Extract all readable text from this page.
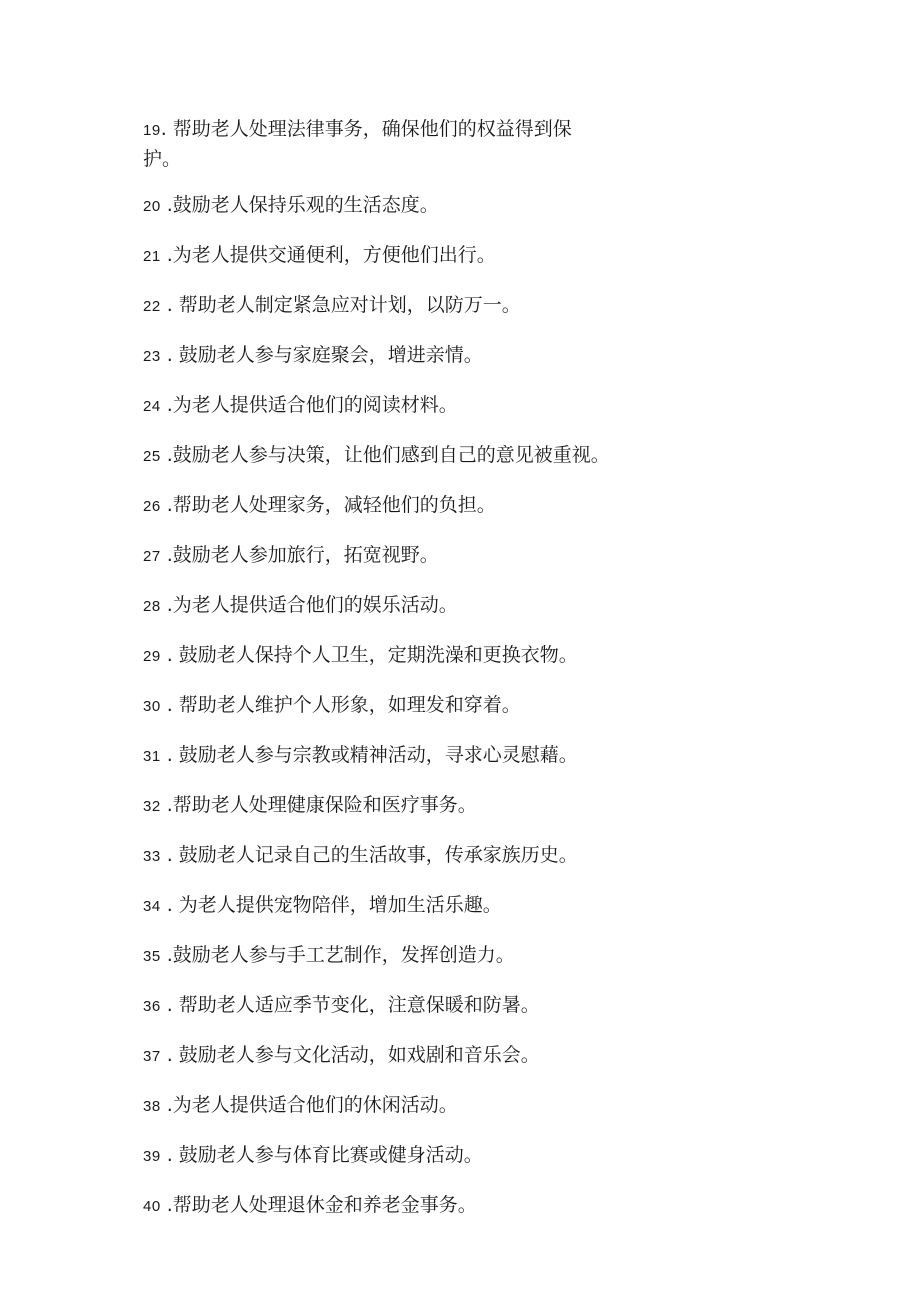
19. 帮助老人处理法律事务，确保他们的权益得到保
护。
20 .鼓励老人保持乐观的生活态度。
21 .为老人提供交通便利，方便他们出行。
22 . 帮助老人制定紧急应对计划，以防万一。
23 . 鼓励老人参与家庭聚会，增进亲情。
24 .为老人提供适合他们的阅读材料。
25 .鼓励老人参与决策，让他们感到自己的意见被重视。
26 .帮助老人处理家务，减轻他们的负担。
27 .鼓励老人参加旅行，拓宽视野。
28 .为老人提供适合他们的娱乐活动。
29 . 鼓励老人保持个人卫生，定期洗澡和更换衣物。
30 . 帮助老人维护个人形象，如理发和穿着。
31 . 鼓励老人参与宗教或精神活动，寻求心灵慰藉。
32 .帮助老人处理健康保险和医疗事务。
33 . 鼓励老人记录自己的生活故事，传承家族历史。
34 . 为老人提供宠物陪伴，增加生活乐趣。
35 .鼓励老人参与手工艺制作，发挥创造力。
36 . 帮助老人适应季节变化，注意保暖和防暑。
37 . 鼓励老人参与文化活动，如戏剧和音乐会。
38 .为老人提供适合他们的休闲活动。
39 . 鼓励老人参与体育比赛或健身活动。
40 .帮助老人处理退休金和养老金事务。
